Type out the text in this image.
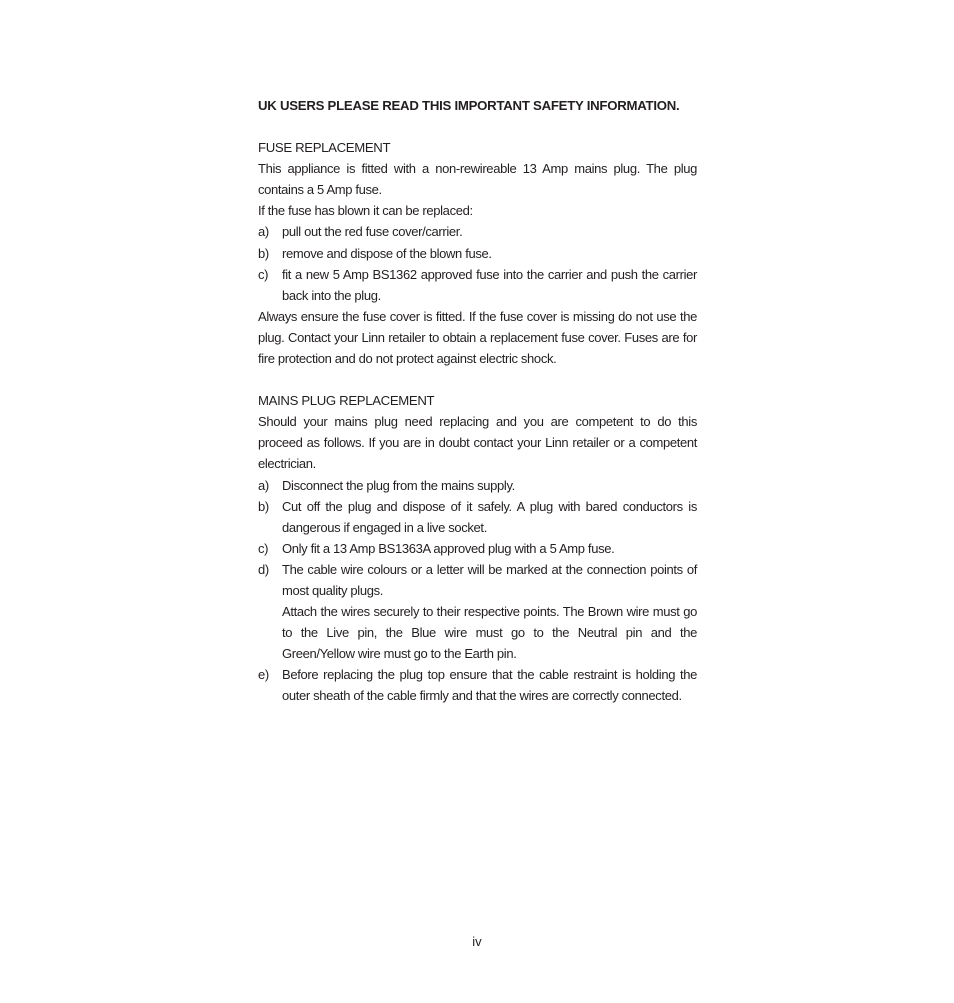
UK USERS PLEASE READ THIS IMPORTANT SAFETY INFORMATION.

FUSE REPLACEMENT

This appliance is fitted with a non-rewireable 13 Amp mains plug. The plug contains a 5 Amp fuse.

If the fuse has blown it can be replaced:

a)	pull out the red fuse cover/carrier.
b)	remove and dispose of the blown fuse.
c)	fit a new 5 Amp BS1362 approved fuse into the carrier and push the carrier back into the plug.

Always ensure the fuse cover is fitted. If the fuse cover is missing do not use the plug. Contact your Linn retailer to obtain a replacement fuse cover. Fuses are for fire protection and do not protect against electric shock.

MAINS PLUG REPLACEMENT

Should your mains plug need replacing and you are competent to do this proceed as follows. If you are in doubt contact your Linn retailer or a competent electrician.

a)	Disconnect the plug from the mains supply.
b)	Cut off the plug and dispose of it safely. A plug with bared conductors is dangerous if engaged in a live socket.
c)	Only fit a 13 Amp BS1363A approved plug with a 5 Amp fuse.
d)	The cable wire colours or a letter will be marked at the connection points of most quality plugs.

Attach the wires securely to their respective points. The Brown wire must go to the Live pin, the Blue wire must go to the Neutral pin and the Green/Yellow wire must go to the Earth pin.

e)	Before replacing the plug top ensure that the cable restraint is holding the outer sheath of the cable firmly and that the wires are correctly connected.
iv
